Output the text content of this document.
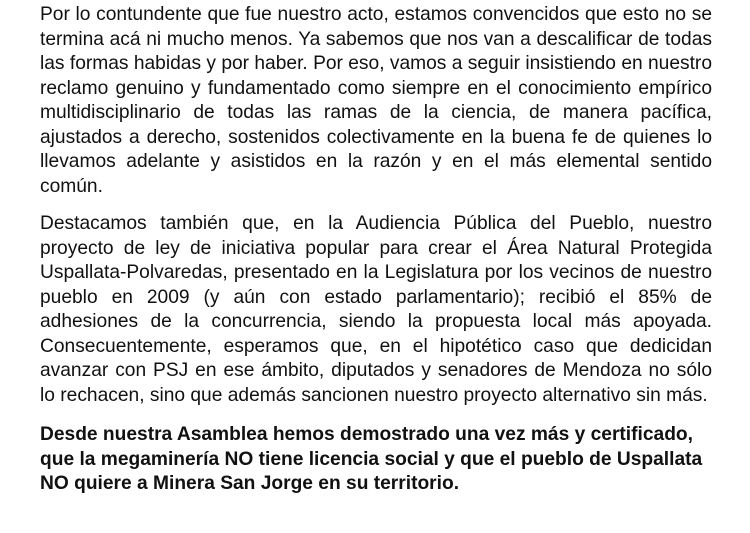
Por lo contundente que fue nuestro acto, estamos convencidos que esto no se termina acá ni mucho menos. Ya sabemos que nos van a descalificar de todas las formas habidas y por haber. Por eso, vamos a seguir insistiendo en nuestro reclamo genuino y fundamentado como siempre en el conocimiento empírico multidisciplinario de todas las ramas de la ciencia, de manera pacífica, ajustados a derecho, sostenidos colectivamente en la buena fe de quienes lo llevamos adelante y asistidos en la razón y en el más elemental sentido común.

Destacamos también que, en la Audiencia Pública del Pueblo, nuestro proyecto de ley de iniciativa popular para crear el Área Natural Protegida Uspallata-Polvaredas, presentado en la Legislatura por los vecinos de nuestro pueblo en 2009 (y aún con estado parlamentario); recibió el 85% de adhesiones de la concurrencia, siendo la propuesta local más apoyada. Consecuentemente, esperamos que, en el hipotético caso que dedicidan avanzar con PSJ en ese ámbito, diputados y senadores de Mendoza no sólo lo rechacen, sino que además sancionen nuestro proyecto alternativo sin más.

Desde nuestra Asamblea hemos demostrado una vez más y certificado, que la megaminería NO tiene licencia social y que el pueblo de Uspallata NO quiere a Minera San Jorge en su territorio.
